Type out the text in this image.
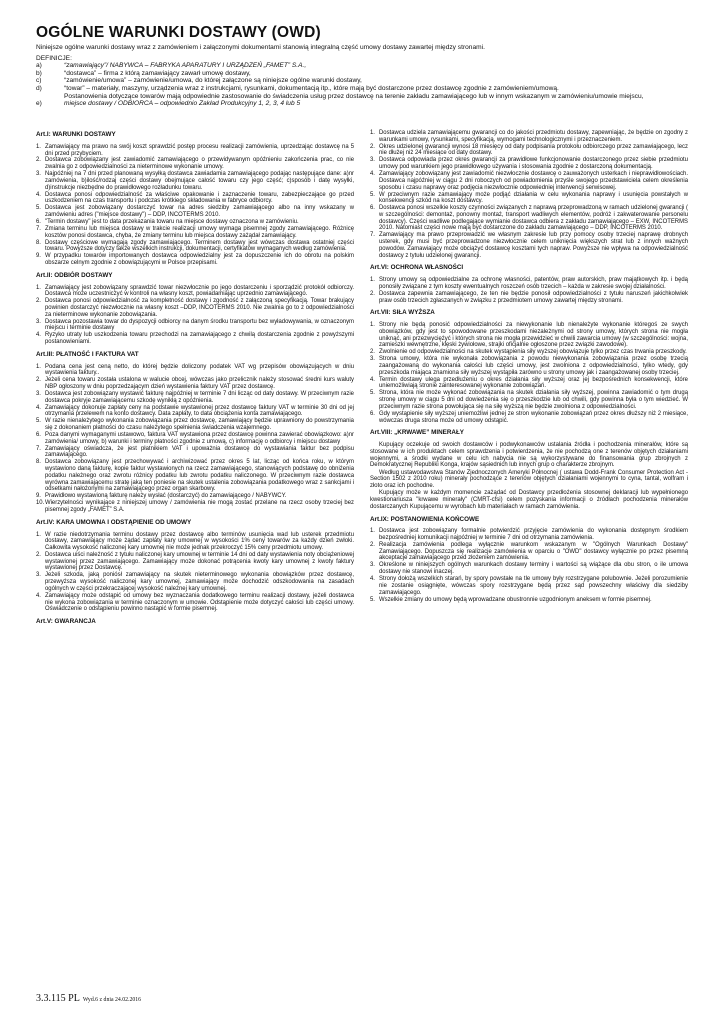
OGÓLNE WARUNKI DOSTAWY (OWD)
Niniejsze ogólne warunki dostawy wraz z zamówieniem i załączonymi dokumentami stanowią integralną część umowy dostawy zawartej między stronami.
DEFINICJE:
a)	“zamawiający”/ NABYWCA – FABRYKA APARATURY I URZĄDZEŃ „FAMET” S.A.,
b)	“dostawca” – firma z którą zamawiający zawarł umowę dostawy,
c)	“zamówienie/umowa” – zamówienie/umowa, do której załączone są niniejsze ogólne warunki dostawy,
d)	“towar” – materiały, maszyny, urządzenia wraz z instrukcjami, rysunkami, dokumentacją itp., które mają być dostarczone przez dostawcę zgodnie z zamówieniem/umową.
Postanowienia dotyczące towarów mają odpowiednie zastosowanie do świadczenia usług przez dostawcę na terenie zakładu zamawiającego lub w innym wskazanym w zamówieniu/umowie miejscu,
e)	miejsce dostawy / ODBIORCA – odpowiednio Zakład Produkcyjny 1, 2, 3, 4 lub 5
Art.I: WARUNKI DOSTAWY
1. Zamawiający ma prawo na swój koszt sprawdzić postęp procesu realizacji zamówienia, uprzedzając dostawcę na 5 dni przed przybyciem.
2. Dostawca zobowiązany jest zawiadomić zamawiającego o przewidywanym opóźnieniu zakończenia prac, co nie zwalnia go z odpowiedzialności za nieterminowe wykonanie umowy.
3. Najpóźniej na 7 dni przed planowaną wysyłką dostawca zawiadamia zamawiającego podając następujące dane: a)nr zamówienia, b)ilość/rodzaj części dostawy obejmujące całość towaru czy jego część; c)sposób i datę wysyłki, d)instrukcje niezbędne do prawidłowego rozładunku towaru.
4. Dostawca ponosi odpowiedzialność za właściwe opakowanie i zaznaczenie towaru, zabezpieczające go przed uszkodzeniem na czas transportu i podczas krótkiego składowania w fabryce odbiorcy.
5. Dostawca jest zobowiązany dostarczyć towar na adres siedziby zamawiającego albo na inny wskazany w zamówieniu adres ("miejsce dostawy") – DDP, INCOTERMS 2010.
6. "Termin dostawy" jest to data przekazania towaru na miejsce dostawy oznaczona w zamówieniu.
7. Zmiana terminu lub miejsca dostawy w trakcie realizacji umowy wymaga pisemnej zgody zamawiającego. Różnicę kosztów ponosi dostawca, chyba, że zmiany terminu lub miejsca dostawy zażądał zamawiający.
8. Dostawy częściowe wymagają zgody zamawiającego. Terminem dostawy jest wówczas dostawa ostatniej części towaru. Powyższe dotyczy także wszelkich instrukcji, dokumentacji, certyfikatów wymaganych według zamówienia.
9. W przypadku towarów importowanych dostawca odpowiedzialny jest za dopuszczenie ich do obrotu na polskim obszarze celnym zgodnie z obowiązującymi w Polsce przepisami.
Art.II: ODBIÓR DOSTAWY
1. Zamawiający jest zobowiązany sprawdzić towar niezwłocznie po jego dostarczeniu i sporządzić protokół odbiorczy. Dostawca może uczestniczyć w kontroli na własny koszt, powiadamiając uprzednio zamawiającego.
2. Dostawca ponosi odpowiedzialność za kompletność dostawy i zgodność z załączoną specyfikacją. Towar brakujący powinien dostarczyć niezwłocznie na własny koszt –DDP, INCOTERMS 2010. Nie zwalnia go to z odpowiedzialności za nieterminowe wykonanie zobowiązania.
3. Dostawca pozostawia towar do dyspozycji odbiorcy na danym środku transportu bez wyładowywania, w oznaczonym miejscu i terminie dostawy
4. Ryzyko utraty lub uszkodzenia towaru przechodzi na zamawiającego z chwilą dostarczenia zgodnie z powyższymi postanowieniami.
Art.III: PŁATNOŚĆ I FAKTURA VAT
1. Podana cena jest ceną netto, do której będzie doliczony podatek VAT wg przepisów obowiązujących w dniu wystawienia faktury..
2. Jeżeli cena towaru została ustalona w walucie obcej, wówczas jako przelicznik należy stosować średni kurs waluty NBP ogłoszony w dniu poprzedzającym dzień wystawienia faktury VAT przez dostawcę.
3. Dostawca jest zobowiązany wystawić fakturę najpóźniej w terminie 7 dni licząc od daty dostawy. W przeciwnym razie dostawca pokryje zamawiającemu szkodę wynikłą z opóźnienia.
4. Zamawiający dokonuje zapłaty ceny na podstawie wystawionej przez dostawcę faktury VAT w terminie 30 dni od jej otrzymania przelewem na konto dostawcy. Data zapłaty, to data obciążenia konta zamawiającego.
5. W razie nienależytego wykonania zobowiązania przez dostawcę, zamawiający będzie uprawniony do powstrzymania się z dokonaniem płatności do czasu należytego spełnienia świadczenia wzajemnego.
6. Poza danymi wymaganymi ustawowo, faktura VAT wystawiona przez dostawcę powinna zawierać obowiązkowo: a)nr zamówienia/ umowy, b) warunki i terminy płatności zgodnie z umową, c) informację o odbiorcy i miejscu dostawy
7. Zamawiający oświadcza, że jest płatnikiem VAT i upoważnia dostawcę do wystawiania faktur bez podpisu zamawiającego.
8. Dostawca zobowiązany jest przechowywać i archiwizować przez okres 5 lat, licząc od końca roku, w którym wystawiono daną fakturę, kopie faktur wystawionych na rzecz zamawiającego, stanowiących podstawę do obniżenia podatku należnego oraz zwrotu różnicy podatku lub zwrotu podatku naliczonego. W przeciwnym razie dostawca wyrówna zamawiającemu stratę jaką ten poniesie na skutek ustalenia zobowiązania podatkowego wraz z sankcjami i odsetkami nałożonymi na zamawiającego przez organ skarbowy.
9. Prawidłowo wystawioną fakturę należy wysłać (dostarczyć) do zamawiającego / NABYWCY.
10. Wierzytelności wynikające z niniejszej umowy / zamówienia nie mogą zostać przelane na rzecz osoby trzeciej bez pisemnej zgody „FAMET” S.A.
Art.IV: KARA UMOWNA I ODSTĄPIENIE OD UMOWY
1. W razie niedotrzymania terminu dostawy przez dostawcę albo terminów usunięcia wad lub usterek przedmiotu dostawy, zamawiający może żądać zapłaty kary umownej w wysokości 1% ceny towarów za każdy dzień zwłoki. Całkowita wysokość naliczonej kary umownej nie może jednak przekroczyć 15% ceny przedmiotu umowy.
2. Dostawca uiści należność z tytułu naliczonej kary umownej w terminie 14 dni od daty wystawienia noty obciążeniowej wystawionej przez zamawiającego. Zamawiający może dokonać potrącenia kwoty kary umownej z kwoty faktury wystawionej przez Dostawcę.
3. Jeżeli szkoda, jaką poniósł zamawiający na skutek nieterminowego wykonania obowiązków przez dostawcę, przewyższa wysokość naliczonej kary umownej, zamawiający może dochodzić odszkodowania na zasadach ogólnych w części przekraczającej wysokość należnej kary umownej.
4. Zamawiający może odstąpić od umowy bez wyznaczania dodatkowego terminu realizacji dostawy, jeżeli dostawca nie wykona zobowiązania w terminie oznaczonym w umowie. Odstąpienie może dotyczyć całości lub części umowy. Oświadczenie o odstąpieniu powinno nastąpić w formie pisemnej.
Art.V: GWARANCJA
1. Dostawca udziela zamawiającemu gwarancji co do jakości przedmiotu dostawy, zapewniając, że będzie on zgodny z warunkami umowy, rysunkami, specyfikacją, wymogami technologicznymi i przeznaczeniem.
2. Okres udzielonej gwarancji wynosi 18 miesięcy od daty podpisania protokołu odbiorczego przez zamawiającego, lecz nie dłużej niż 24 miesiące od daty dostawy.
3. Dostawca odpowiada przez okres gwarancji za prawidłowe funkcjonowanie dostarczonego przez siebie przedmiotu umowy pod warunkiem jego prawidłowego używania i stosowania zgodnie z dostarczoną dokumentacją.
4. Zamawiający zobowiązany jest zawiadomić niezwłocznie dostawcę o zauważonych usterkach i nieprawidłowościach. Dostawca najpóźniej w ciągu 2 dni roboczych od powiadomienia przyśle swojego przedstawiciela celem określenia sposobu i czasu naprawy oraz podjęcia niezwłocznie odpowiedniej interwencji serwisowej.
5. W przeciwnym razie zamawiający może podjąć działania w celu wykonania naprawy i usunięcia powstałych w konsekwencji szkód na koszt dostawcy.
6. Dostawca ponosi wszelkie koszty czynności związanych z naprawą przeprowadzoną w ramach udzielonej gwarancji ( w szczególności: demontaż, ponowny montaż, transport wadliwych elementów, podróż i zakwaterowanie personelu dostawcy). Części wadliwe podlegające wymianie dostawca odbiera z zakładu zamawiającego – EXW, INCOTERMS 2010. Natomiast części nowe mają być dostarczone do zakładu zamawiającego – DDP, INCOTERMS 2010.
7. Zamawiający ma prawo przeprowadzić we własnym zakresie lub przy pomocy osoby trzeciej naprawę drobnych usterek, gdy musi być przeprowadzone niezwłocznie celem uniknięcia większych strat lub z innych ważnych powodów. Zamawiający może obciążyć dostawcę kosztami tych napraw. Powyższe nie wpływa na odpowiedzialność dostawcy z tytułu udzielonej gwarancji.
Art.VI: OCHRONA WŁASNOŚCI
1. Strony umowy są odpowiedzialne za ochronę własności, patentów, praw autorskich, praw majątkowych itp. i będą ponosiły związane z tym koszty ewentualnych roszczeń osób trzecich – każda w zakresie swojej działalności.
2. Dostawca zapewnia zamawiającego, że ten nie będzie ponosił odpowiedzialności z tytułu naruszeń jakichkolwiek praw osób trzecich zgłaszanych w związku z przedmiotem umowy zawartej między stronami.
Art.VII: SIŁA WYŻSZA
1. Strony nie będą ponosić odpowiedzialności za niewykonanie lub nienależyte wykonanie któregoś ze swych obowiązków, gdy jest to spowodowane przeszkodami niezależnymi od strony umowy, których strona nie mogła uniknąć, ani przezwyciężyć i których strona nie mogła przewidzieć w chwili zawarcia umowy (w szczególności: wojna, zamieszki wewnętrzne, klęski żywiołowe, strajki oficjalnie ogłoszone przez związki zawodowe).
2. Zwolnienie od odpowiedzialności na skutek wystąpienia siły wyższej obowiązuje tylko przez czas trwania przeszkody.
3. Strona umowy, która nie wykonała zobowiązania z powodu niewykonania zobowiązania przez osobę trzecią zaangażowaną do wykonania całości lub części umowy, jest zwolniona z odpowiedzialności, tylko wtedy, gdy przeszkoda miająca znamiona siły wyższej wystąpiła zarówno u strony umowy jak i zaangażowanej osoby trzeciej.
4. Termin dostawy ulega przedłużeniu o okres działania siły wyższej oraz jej bezpośrednich konsekwencji, które uniemożliwiają stronie zainteresowanej wykonanie zobowiązań.
5. Strona, która nie może wykonać zobowiązania na skutek działania siły wyższej, powinna zawiadomić o tym drugą stronę umowy w ciągu 5 dni od dowiedzenia się o przeszkodzie lub od chwili, gdy powinna była o tym wiedzieć. W przeciwnym razie strona powołująca się na siłę wyższą nie będzie zwolniona z odpowiedzialności.
6. Gdy wystąpienie siły wyższej uniemożliwi jednej ze stron wykonanie zobowiązań przez okres dłuższy niż 2 miesiące, wówczas druga strona może od umowy odstąpić.
Art.VIII: „KRWAWE” MINERAŁY
Kupujący oczekuje od swoich dostawców i podwykonawców ustalania źródła i pochodzenia minerałów, które są stosowane w ich produktach celem sprawdzenia i potwierdzenia, że nie pochodzą one z terenów objętych działaniami wojennymi, a środki wydane w celu ich nabycia nie są wykorzystywane do finansowania grup zbrojnych z Demokratycznej Republiki Konga, krajów sąsiednich lub innych grup o charakterze zbrojnym.
Według ustawodawstwa Stanów Zjednoczonych Ameryki Północnej ( ustawa Dodd-Frank Consumer Protection Act - Section 1502 z 2010 roku) minerały pochodzące z terenów objętych działaniami wojennymi to cyna, tantal, wolfram i złoto oraz ich pochodne.
Kupujący może w każdym momencie zażądać od Dostawcy przedłożenia stosownej deklaracji lub wypełnionego kwestionariusza "krwawe minerały" (CMRT-cfsi) celem pozyskania informacji o źródłach pochodzenia minerałów dostarczanych Kupującemu w wyrobach lub materiałach w ramach zamówienia.
Art.IX: POSTANOWIENIA KOŃCOWE
1. Dostawca jest zobowiązany formalnie potwierdzić przyjęcie zamówienia do wykonania dostępnym środkiem bezpośredniej komunikacji najpóźniej w terminie 7 dni od otrzymania zamówienia.
2. Realizacja zamówienia podlega wyłącznie warunkom wskazanym w "Ogólnych Warunkach Dostawy" Zamawiającego. Dopuszcza się realizacje zamówienia w oparciu o "OWD" dostawcy wyłącznie po przez pisemną akceptacje zamawiającego przed złożeniem zamówienia.
3. Określone w niniejszych ogólnych warunkach dostawy terminy i wartości są wiążące dla obu stron, o ile umowa dostawy nie stanowi inaczej.
4. Strony dołożą wszelkich starań, by spory powstałe na tle umowy były rozstrzygane polubownie. Jeżeli porozumienie nie zostanie osiągnięte, wówczas spory rozstrzygane będą przez sąd powszechny właściwy dla siedziby zamawiającego.
5. Wszelkie zmiany do umowy będą wprowadzane obustronnie uzgodnionym aneksem w formie pisemnej.
3.3.115 PL Wyd.6 z dnia 24.02.2016
